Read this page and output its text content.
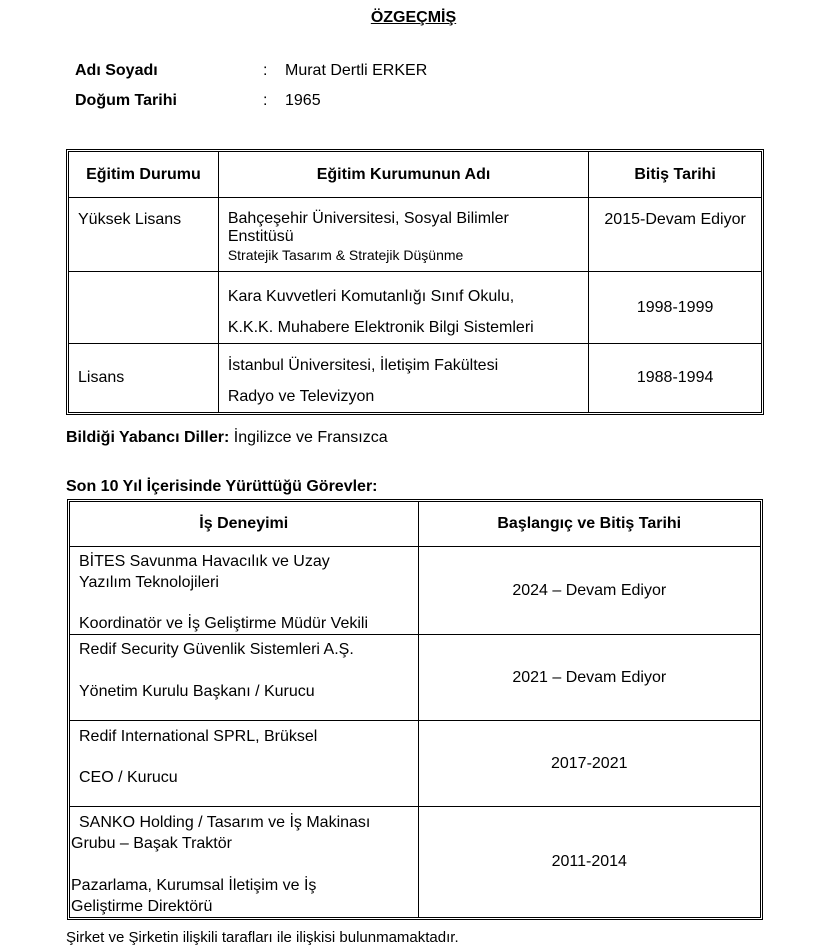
ÖZGEÇMİŞ
Adı Soyadı	: Murat Dertli ERKER
Doğum Tarihi	: 1965
Eğitim Durumu	Eğitim Kurumunun Adı	Bitiş Tarihi
Yüksek Lisans	Bahçeşehir Üniversitesi, Sosyal Bilimler
Enstitüsü
Stratejik Tasarım & Stratejik Düşünme	2015-Devam Ediyor

	Kara Kuvvetleri Komutanlığı Sınıf Okulu,
K.K.K. Muhabere Elektronik Bilgi Sistemleri	1998-1999
Lisans	İstanbul Üniversitesi, İletişim Fakültesi
Radyo ve Televizyon	1988-1994
Bildiği Yabancı Diller: İngilizce ve Fransızca
Son 10 Yıl İçerisinde Yürüttüğü Görevler:
İş Deneyimi	Başlangıç ve Bitiş Tarihi

BİTES Savunma Havacılık ve Uzay
Yazılım Teknolojileri
Koordinatör ve İş Geliştirme Müdür Vekili	2024 – Devam Ediyor

Redif Security Güvenlik Sistemleri A.Ş.
Yönetim Kurulu Başkanı / Kurucu	2021 – Devam Ediyor

Redif International SPRL, Brüksel
CEO / Kurucu	2017-2021

SANKO Holding / Tasarım ve İş Makinası
Grubu – Başak Traktör
Pazarlama, Kurumsal İletişim ve İş
Geliştirme Direktörü	2011-2014
Şirket ve Şirketin ilişkili tarafları ile ilişkisi bulunmamaktadır.
